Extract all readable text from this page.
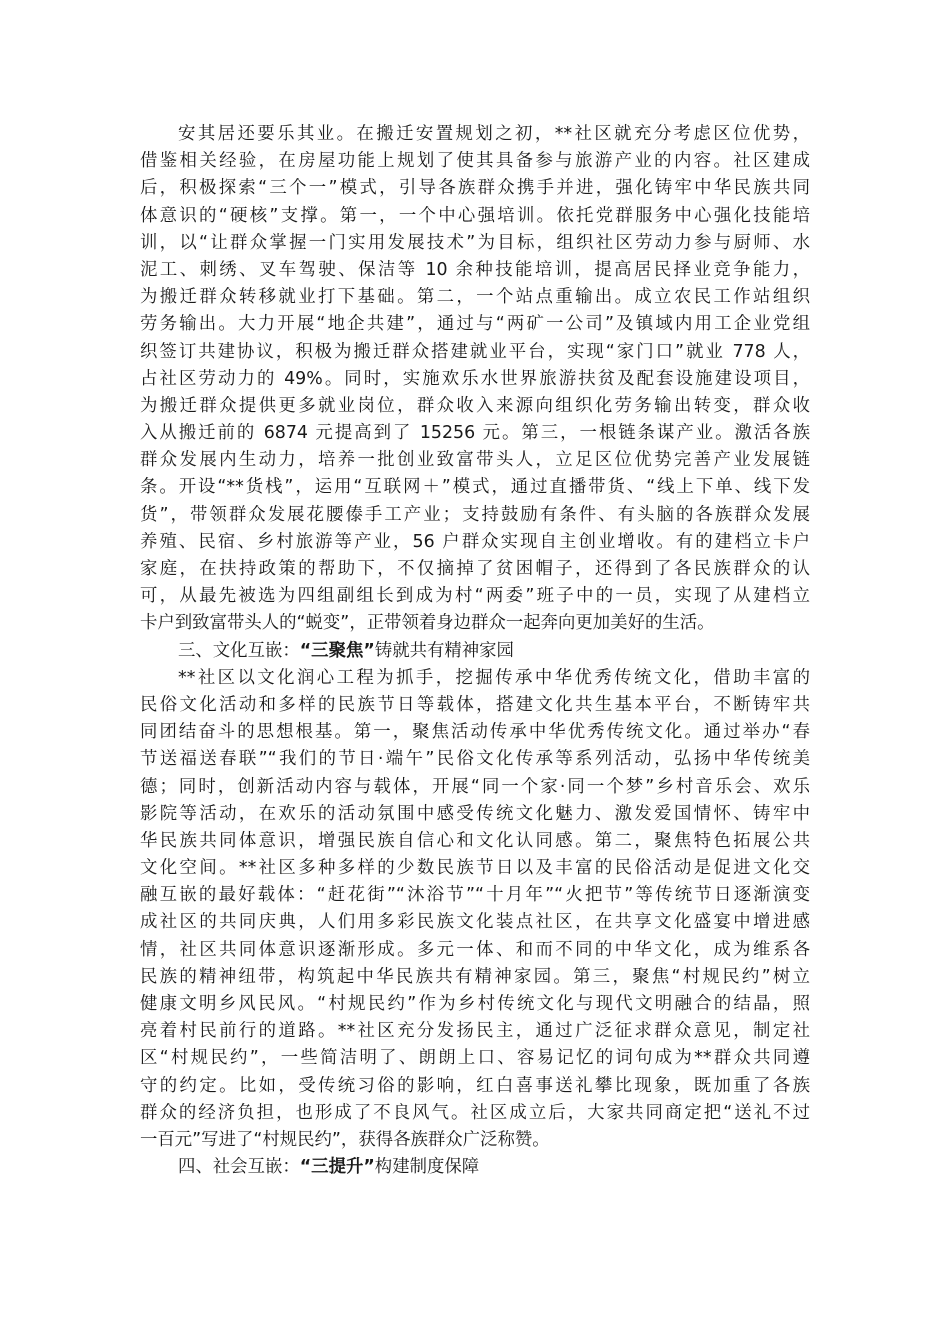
安其居还要乐其业。在搬迁安置规划之初，**社区就充分考虑区位优势，
借鉴相关经验，在房屋功能上规划了使其具备参与旅游产业的内容。社区建成
后，积极探索“三个一”模式，引导各族群众携手并进，强化铸牢中华民族共同
体意识的“硬核”支撑。第一，一个中心强培训。依托党群服务中心强化技能培
训，以“让群众掌握一门实用发展技术”为目标，组织社区劳动力参与厨师、水
泥工、刺绣、叉车驾驶、保洁等 10 余种技能培训，提高居民择业竞争能力，
为搬迁群众转移就业打下基础。第二，一个站点重输出。成立农民工作站组织
劳务输出。大力开展“地企共建”，通过与“两矿一公司”及镇域内用工企业党组
织签订共建协议，积极为搬迁群众搭建就业平台，实现“家门口”就业 778 人，
占社区劳动力的 49%。同时，实施欢乐水世界旅游扶贫及配套设施建设项目，
为搬迁群众提供更多就业岗位，群众收入来源向组织化劳务输出转变，群众收
入从搬迁前的 6874 元提高到了 15256 元。第三，一根链条谋产业。激活各族
群众发展内生动力，培养一批创业致富带头人，立足区位优势完善产业发展链
条。开设“**货栈”，运用“互联网＋”模式，通过直播带货、“线上下单、线下发
货”，带领群众发展花腰傣手工产业；支持鼓励有条件、有头脑的各族群众发展
养殖、民宿、乡村旅游等产业，56 户群众实现自主创业增收。有的建档立卡户
家庭，在扶持政策的帮助下，不仅摘掉了贫困帽子，还得到了各民族群众的认
可，从最先被选为四组副组长到成为村“两委”班子中的一员，实现了从建档立
卡户到致富带头人的“蜕变”，正带领着身边群众一起奔向更加美好的生活。
三、文化互嵌：“三聚焦”铸就共有精神家园
**社区以文化润心工程为抓手，挖掘传承中华优秀传统文化，借助丰富的
民俗文化活动和多样的民族节日等载体，搭建文化共生基本平台，不断铸牢共
同团结奋斗的思想根基。第一，聚焦活动传承中华优秀传统文化。通过举办“春
节送福送春联”“我们的节日·端午”民俗文化传承等系列活动，弘扬中华传统美
德；同时，创新活动内容与载体，开展“同一个家·同一个梦”乡村音乐会、欢乐
影院等活动，在欢乐的活动氛围中感受传统文化魅力、激发爱国情怀、铸牢中
华民族共同体意识，增强民族自信心和文化认同感。第二，聚焦特色拓展公共
文化空间。**社区多种多样的少数民族节日以及丰富的民俗活动是促进文化交
融互嵌的最好载体：“赶花街”“沐浴节”“十月年”“火把节”等传统节日逐渐演变
成社区的共同庆典，人们用多彩民族文化装点社区，在共享文化盛宴中增进感
情，社区共同体意识逐渐形成。多元一体、和而不同的中华文化，成为维系各
民族的精神纽带，构筑起中华民族共有精神家园。第三，聚焦“村规民约”树立
健康文明乡风民风。“村规民约”作为乡村传统文化与现代文明融合的结晶，照
亮着村民前行的道路。**社区充分发扬民主，通过广泛征求群众意见，制定社
区“村规民约”，一些简洁明了、朗朗上口、容易记忆的词句成为**群众共同遵
守的约定。比如，受传统习俗的影响，红白喜事送礼攀比现象，既加重了各族
群众的经济负担，也形成了不良风气。社区成立后，大家共同商定把“送礼不过
一百元”写进了“村规民约”，获得各族群众广泛称赞。
四、社会互嵌：“三提升”构建制度保障
